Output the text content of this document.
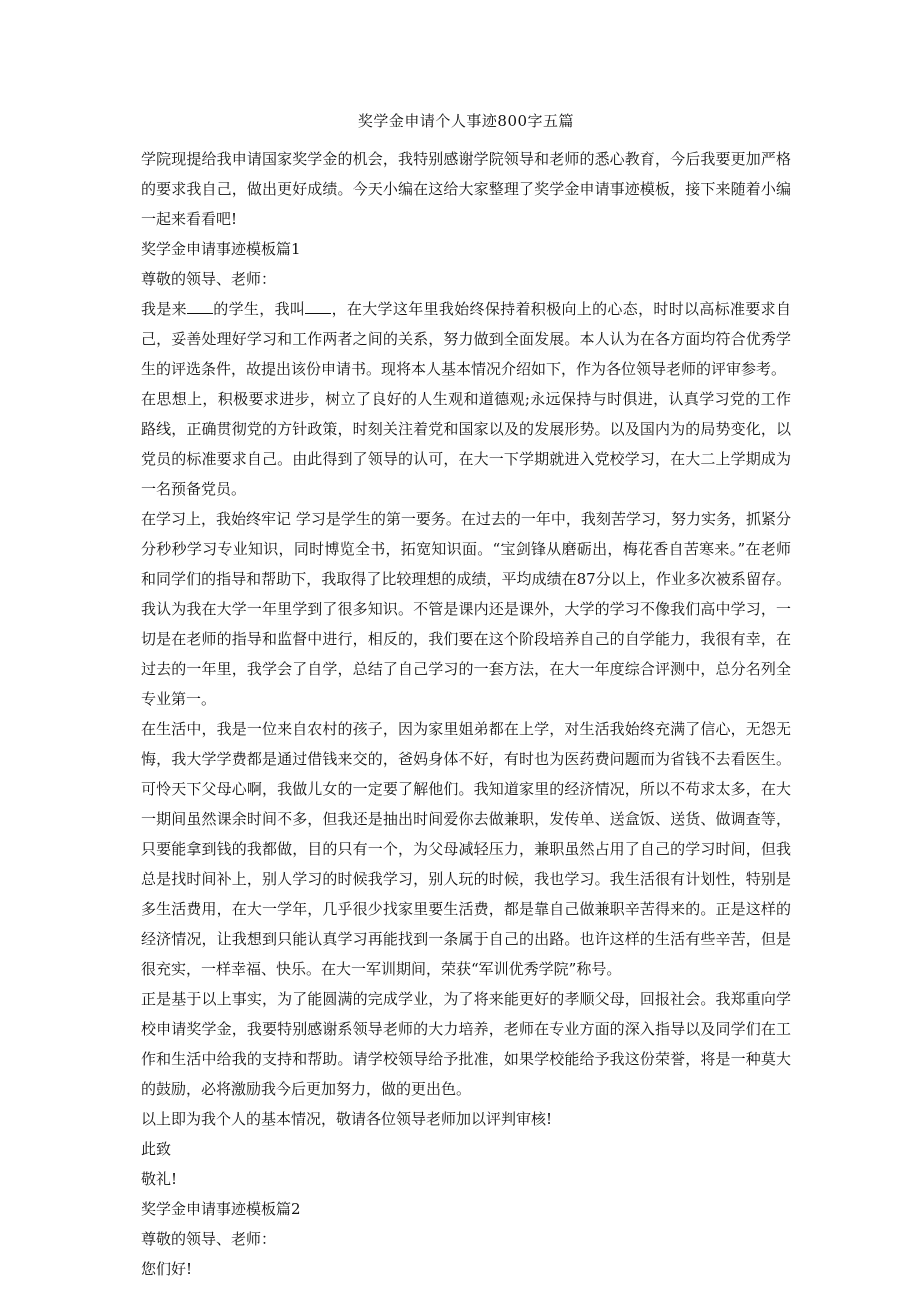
奖学金申请个人事迹800字五篇

学院现提给我申请国家奖学金的机会，我特别感谢学院领导和老师的悉心教育，今后我要更加严格的要求我自己，做出更好成绩。今天小编在这给大家整理了奖学金申请事迹模板，接下来随着小编一起来看看吧!

奖学金申请事迹模板篇1

尊敬的领导、老师：

我是来 的学生，我叫 ，在大学这年里我始终保持着积极向上的心态，时时以高标准要求自己，妥善处理好学习和工作两者之间的关系，努力做到全面发展。本人认为在各方面均符合优秀学生的评选条件，故提出该份申请书。现将本人基本情况介绍如下，作为各位领导老师的评审参考。

在思想上，积极要求进步，树立了良好的人生观和道德观;永远保持与时俱进，认真学习党的工作路线，正确贯彻党的方针政策，时刻关注着党和国家以及的发展形势。以及国内为的局势变化，以党员的标准要求自己。由此得到了领导的认可，在大一下学期就进入党校学习，在大二上学期成为一名预备党员。

在学习上，我始终牢记 学习是学生的第一要务。在过去的一年中，我刻苦学习，努力实务，抓紧分分秒秒学习专业知识，同时博览全书，拓宽知识面。“宝剑锋从磨砺出，梅花香自苦寒来。”在老师和同学们的指导和帮助下，我取得了比较理想的成绩，平均成绩在87分以上，作业多次被系留存。我认为我在大学一年里学到了很多知识。不管是课内还是课外，大学的学习不像我们高中学习，一切是在老师的指导和监督中进行，相反的，我们要在这个阶段培养自己的自学能力，我很有幸，在过去的一年里，我学会了自学，总结了自己学习的一套方法，在大一年度综合评测中，总分名列全专业第一。

在生活中，我是一位来自农村的孩子，因为家里姐弟都在上学，对生活我始终充满了信心，无怨无悔，我大学学费都是通过借钱来交的，爸妈身体不好，有时也为医药费问题而为省钱不去看医生。可怜天下父母心啊，我做儿女的一定要了解他们。我知道家里的经济情况，所以不苟求太多，在大一期间虽然课余时间不多，但我还是抽出时间爱你去做兼职，发传单、送盒饭、送货、做调查等，只要能拿到钱的我都做，目的只有一个，为父母减轻压力，兼职虽然占用了自己的学习时间，但我总是找时间补上，别人学习的时候我学习，别人玩的时候，我也学习。我生活很有计划性，特别是多生活费用，在大一学年，几乎很少找家里要生活费，都是靠自己做兼职辛苦得来的。正是这样的经济情况，让我想到只能认真学习再能找到一条属于自己的出路。也许这样的生活有些辛苦，但是很充实，一样幸福、快乐。在大一军训期间，荣获“军训优秀学院”称号。

正是基于以上事实，为了能圆满的完成学业，为了将来能更好的孝顺父母，回报社会。我郑重向学校申请奖学金，我要特别感谢系领导老师的大力培养，老师在专业方面的深入指导以及同学们在工作和生活中给我的支持和帮助。请学校领导给予批准，如果学校能给予我这份荣誉，将是一种莫大的鼓励，必将激励我今后更加努力，做的更出色。

以上即为我个人的基本情况，敬请各位领导老师加以评判审核!

此致

敬礼!

奖学金申请事迹模板篇2

尊敬的领导、老师：

您们好!
